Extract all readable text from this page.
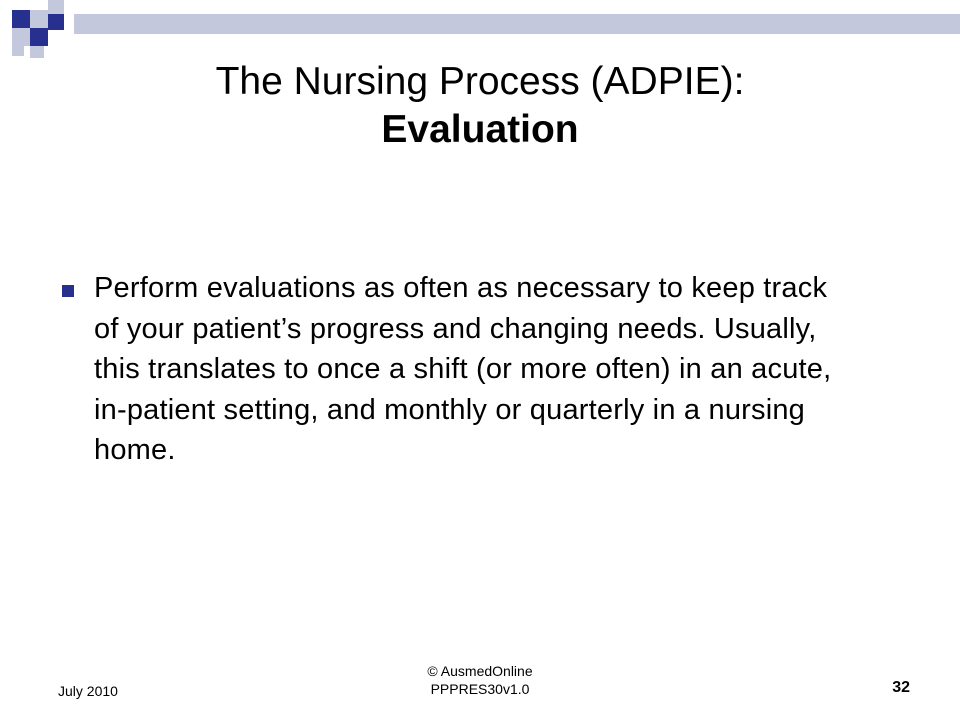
The Nursing Process (ADPIE):
Evaluation
Perform evaluations as often as necessary to keep track of your patient’s progress and changing needs. Usually, this translates to once a shift (or more often) in an acute, in-patient setting, and monthly or quarterly in a nursing home.
July 2010
© AusmedOnline
PPPRES30v1.0	32
